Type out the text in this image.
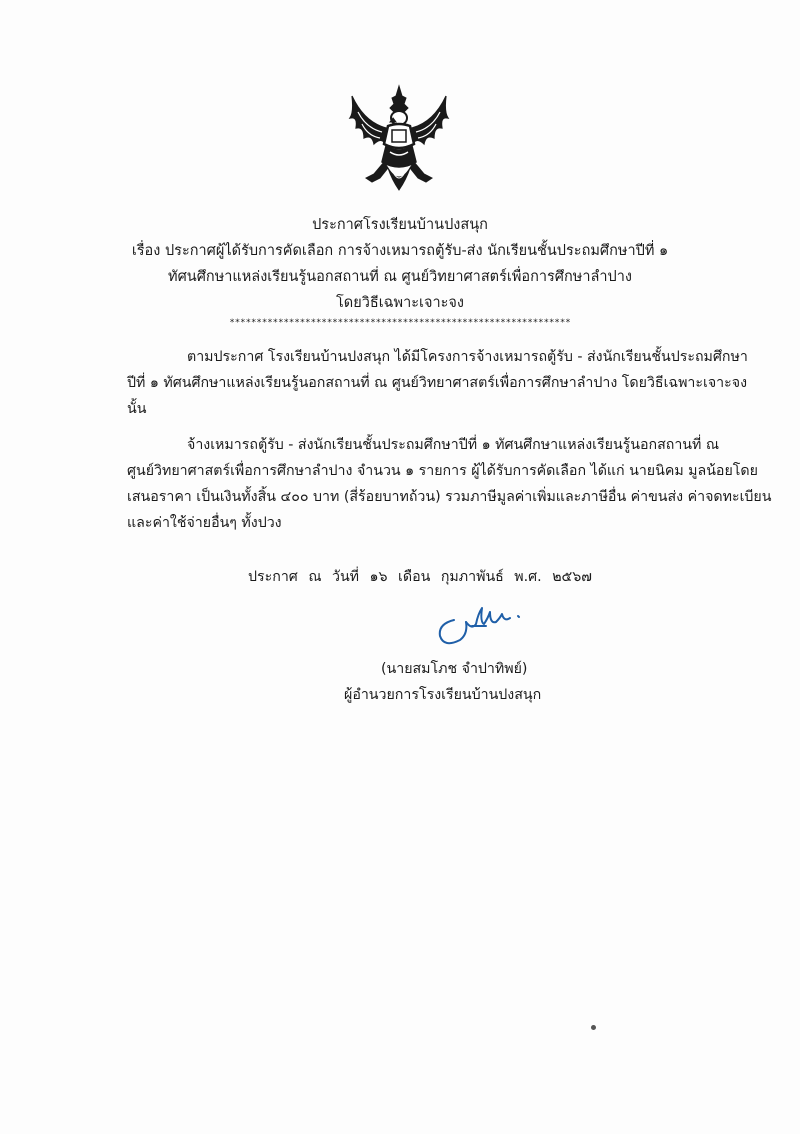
ประกาศโรงเรียนบ้านปงสนุก
เรื่อง ประกาศผู้ได้รับการคัดเลือก การจ้างเหมารถตู้รับ-ส่ง นักเรียนชั้นประถมศึกษาปีที่ ๑
ทัศนศึกษาแหล่งเรียนรู้นอกสถานที่ ณ ศูนย์วิทยาศาสตร์เพื่อการศึกษาลำปาง
โดยวิธีเฉพาะเจาะจง
***************************************************************
ตามประกาศ โรงเรียนบ้านปงสนุก ได้มีโครงการจ้างเหมารถตู้รับ - ส่งนักเรียนชั้นประถมศึกษา
ปีที่ ๑ ทัศนศึกษาแหล่งเรียนรู้นอกสถานที่ ณ ศูนย์วิทยาศาสตร์เพื่อการศึกษาลำปาง โดยวิธีเฉพาะเจาะจง
นั้น
จ้างเหมารถตู้รับ - ส่งนักเรียนชั้นประถมศึกษาปีที่ ๑ ทัศนศึกษาแหล่งเรียนรู้นอกสถานที่ ณ
ศูนย์วิทยาศาสตร์เพื่อการศึกษาลำปาง จำนวน ๑ รายการ ผู้ได้รับการคัดเลือก ได้แก่ นายนิคม มูลน้อยโดย
เสนอราคา เป็นเงินทั้งสิ้น ๔๐๐ บาท (สี่ร้อยบาทถ้วน) รวมภาษีมูลค่าเพิ่มและภาษีอื่น ค่าขนส่ง ค่าจดทะเบียน
และค่าใช้จ่ายอื่นๆ ทั้งปวง
ประกาศ ณ วันที่ ๑๖ เดือน กุมภาพันธ์ พ.ศ. ๒๕๖๗
(นายสมโภช จำปาทิพย์)
ผู้อำนวยการโรงเรียนบ้านปงสนุก
